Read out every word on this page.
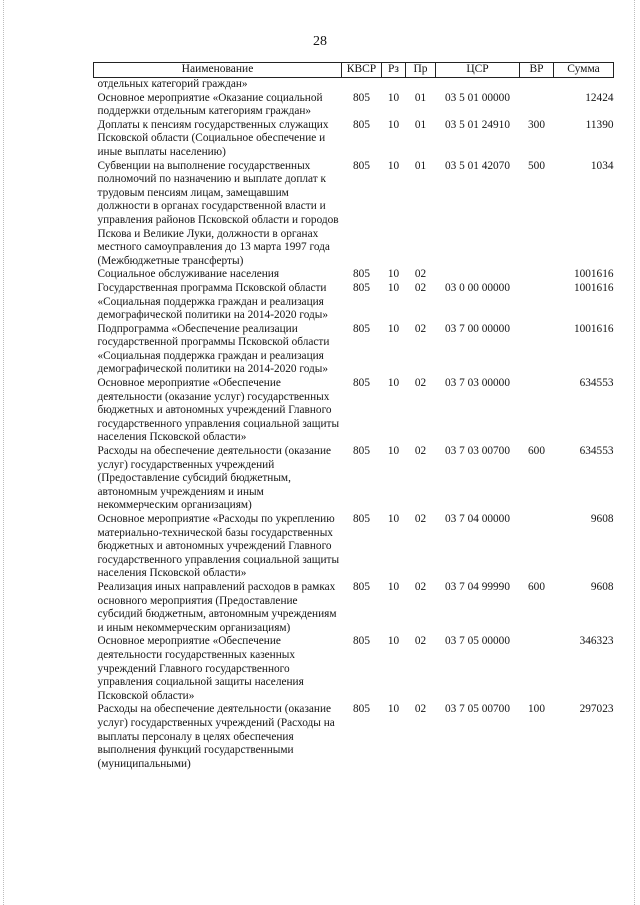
28
Наименование	КВСР	Рз	Пр	ЦСР	ВР	Сумма
отдельных категорий граждан»						
Основное мероприятие «Оказание социальной поддержки отдельным категориям граждан»	805	10	01	03 5 01 00000		12424
Доплаты к пенсиям государственных служащих Псковской области (Социальное обеспечение и иные выплаты населению)	805	10	01	03 5 01 24910	300	11390
Субвенции на выполнение государственных полномочий по назначению и выплате доплат к трудовым пенсиям лицам, замещавшим должности в органах государственной власти и управления районов Псковской области и городов Пскова и Великие Луки, должности в органах местного самоуправления до 13 марта 1997 года (Межбюджетные трансферты)	805	10	01	03 5 01 42070	500	1034
Социальное обслуживание населения	805	10	02			1001616
Государственная программа Псковской области «Социальная поддержка граждан и реализация демографической политики на 2014-2020 годы»	805	10	02	03 0 00 00000		1001616
Подпрограмма «Обеспечение реализации государственной программы Псковской области «Социальная поддержка граждан и реализация демографической политики на 2014-2020 годы»	805	10	02	03 7 00 00000		1001616
Основное мероприятие «Обеспечение деятельности (оказание услуг) государственных бюджетных и автономных учреждений Главного государственного управления социальной защиты населения Псковской области»	805	10	02	03 7 03 00000		634553
Расходы на обеспечение деятельности (оказание услуг) государственных учреждений (Предоставление субсидий бюджетным, автономным учреждениям и иным некоммерческим организациям)	805	10	02	03 7 03 00700	600	634553
Основное мероприятие «Расходы по укреплению материально-технической базы государственных бюджетных и автономных учреждений Главного государственного управления социальной защиты населения Псковской области»	805	10	02	03 7 04 00000		9608
Реализация иных направлений расходов в рамках основного мероприятия (Предоставление субсидий бюджетным, автономным учреждениям и иным некоммерческим организациям)	805	10	02	03 7 04 99990	600	9608
Основное мероприятие «Обеспечение деятельности государственных казенных учреждений Главного государственного управления социальной защиты населения Псковской области»	805	10	02	03 7 05 00000		346323
Расходы на обеспечение деятельности (оказание услуг) государственных учреждений (Расходы на выплаты персоналу в целях обеспечения выполнения функций государственными (муниципальными)	805	10	02	03 7 05 00700	100	297023
